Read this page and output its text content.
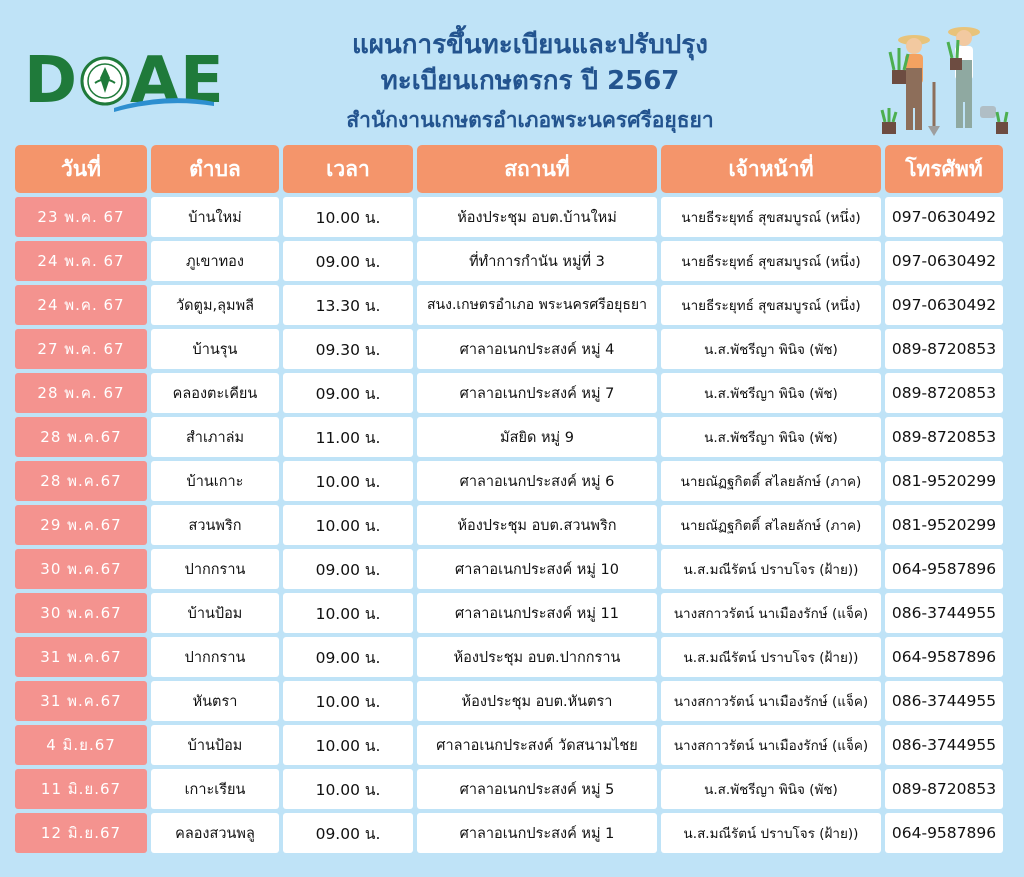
D A E	แผนการขึ้นทะเบียนและปรับปรุง
ทะเบียนเกษตรกร ปี 2567
สำนักงานเกษตรอำเภอพระนครศรีอยุธยา
วันที่	ตำบล	เวลา	สถานที่	เจ้าหน้าที่	โทรศัพท์
23 พ.ค. 67	บ้านใหม่	10.00 น.	ห้องประชุม อบต.บ้านใหม่	นายธีระยุทธ์ สุขสมบูรณ์ (หนึ่ง)	097-0630492
24 พ.ค. 67	ภูเขาทอง	09.00 น.	ที่ทำการกำนัน หมู่ที่ 3	นายธีระยุทธ์ สุขสมบูรณ์ (หนึ่ง)	097-0630492
24 พ.ค. 67	วัดตูม,ลุมพลี	13.30 น.	สนง.เกษตรอำเภอ พระนครศรีอยุธยา	นายธีระยุทธ์ สุขสมบูรณ์ (หนึ่ง)	097-0630492
27 พ.ค. 67	บ้านรุน	09.30 น.	ศาลาอเนกประสงค์ หมู่ 4	น.ส.พัชรีญา พินิจ (พัช)	089-8720853
28 พ.ค. 67	คลองตะเคียน	09.00 น.	ศาลาอเนกประสงค์ หมู่ 7	น.ส.พัชรีญา พินิจ (พัช)	089-8720853
28 พ.ค.67	สำเภาล่ม	11.00 น.	มัสยิด หมู่ 9	น.ส.พัชรีญา พินิจ (พัช)	089-8720853
28 พ.ค.67	บ้านเกาะ	10.00 น.	ศาลาอเนกประสงค์ หมู่ 6	นายณัฏฐกิตติ์ สไลยลักษ์ (ภาค)	081-9520299
29 พ.ค.67	สวนพริก	10.00 น.	ห้องประชุม อบต.สวนพริก	นายณัฏฐกิตติ์ สไลยลักษ์ (ภาค)	081-9520299
30 พ.ค.67	ปากกราน	09.00 น.	ศาลาอเนกประสงค์ หมู่ 10	น.ส.มณีรัตน์ ปราบโจร (ฝ้าย))	064-9587896
30 พ.ค.67	บ้านป้อม	10.00 น.	ศาลาอเนกประสงค์ หมู่ 11	นางสกาวรัตน์ นาเมืองรักษ์ (แจ็ค)	086-3744955
31 พ.ค.67	ปากกราน	09.00 น.	ห้องประชุม อบต.ปากกราน	น.ส.มณีรัตน์ ปราบโจร (ฝ้าย))	064-9587896
31 พ.ค.67	หันตรา	10.00 น.	ห้องประชุม อบต.หันตรา	นางสกาวรัตน์ นาเมืองรักษ์ (แจ็ค)	086-3744955
4 มิ.ย.67	บ้านป้อม	10.00 น.	ศาลาอเนกประสงค์ วัดสนามไชย	นางสกาวรัตน์ นาเมืองรักษ์ (แจ็ค)	086-3744955
11 มิ.ย.67	เกาะเรียน	10.00 น.	ศาลาอเนกประสงค์ หมู่ 5	น.ส.พัชรีญา พินิจ (พัช)	089-8720853
12 มิ.ย.67	คลองสวนพลู	09.00 น.	ศาลาอเนกประสงค์ หมู่ 1	น.ส.มณีรัตน์ ปราบโจร (ฝ้าย))	064-9587896
